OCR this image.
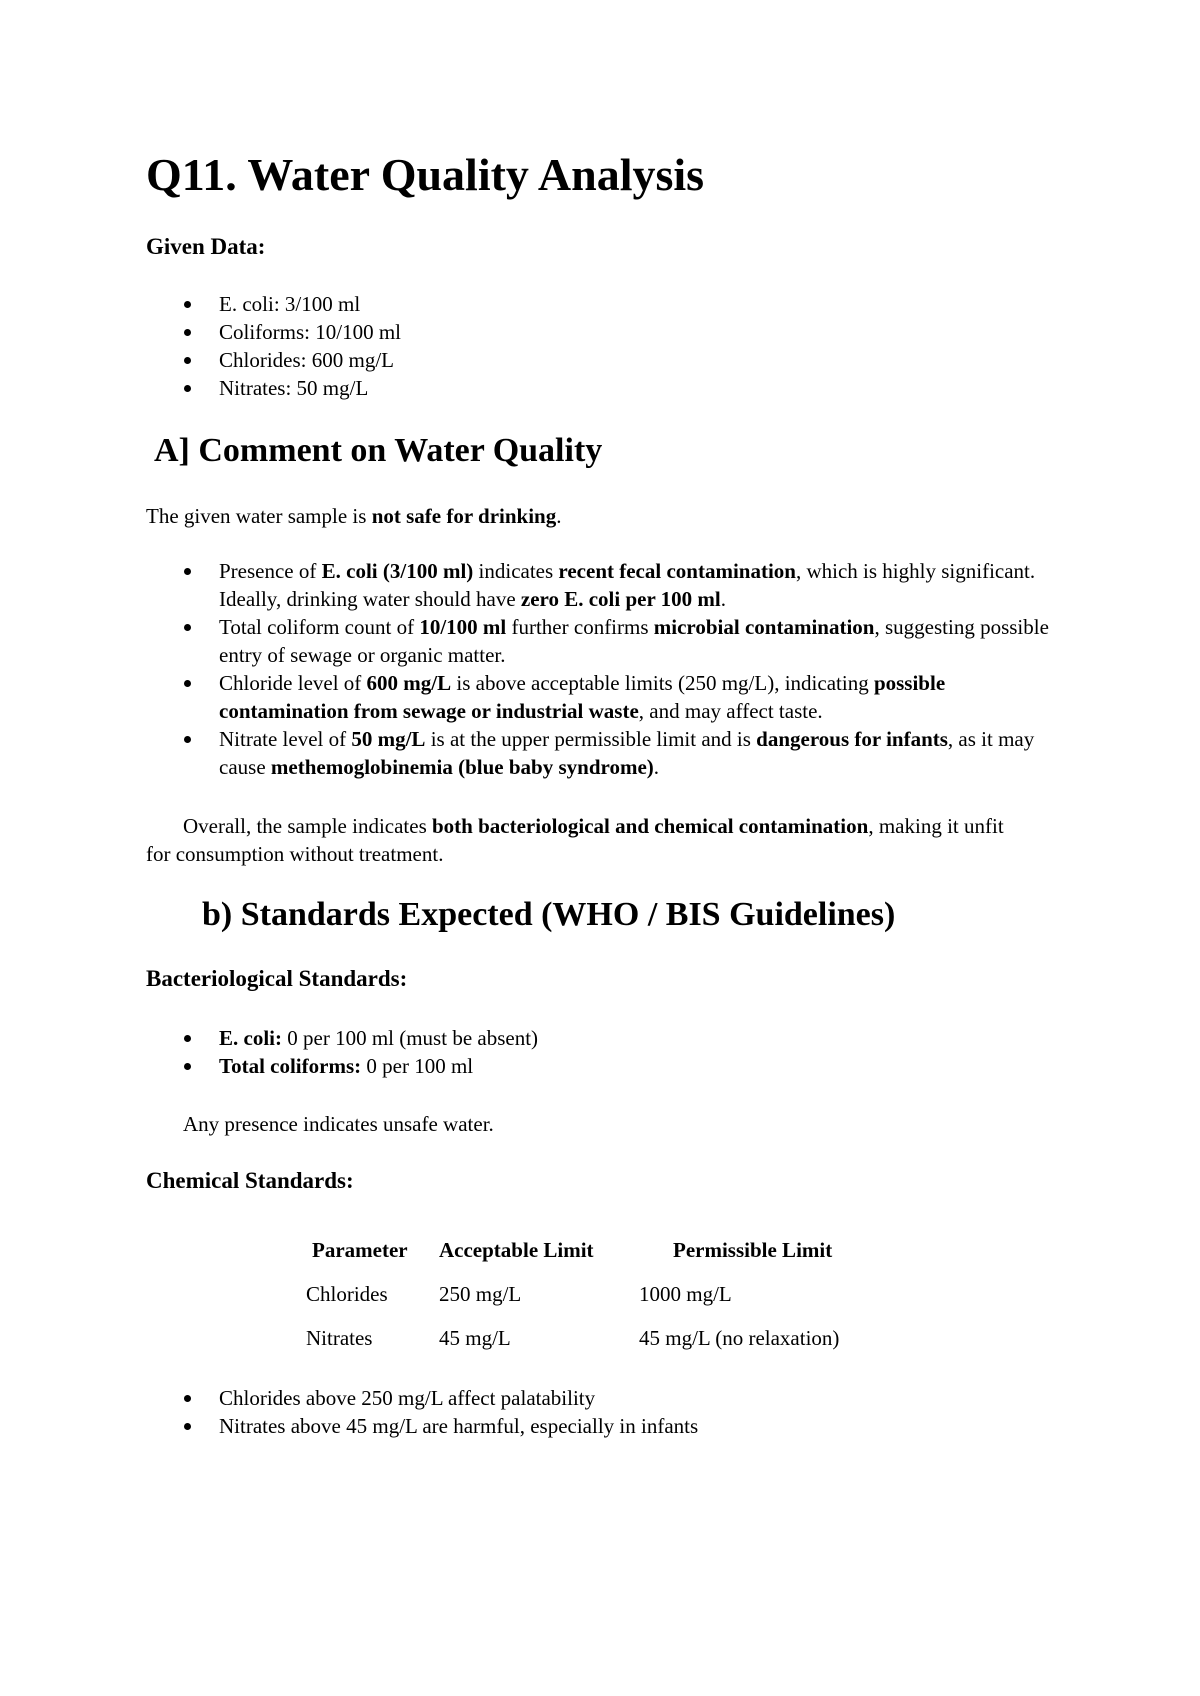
Q11. Water Quality Analysis
Given Data:
E. coli: 3/100 ml
Coliforms: 10/100 ml
Chlorides: 600 mg/L
Nitrates: 50 mg/L
A] Comment on Water Quality

The given water sample is not safe for drinking.

Presence of E. coli (3/100 ml) indicates recent fecal contamination, which is highly significant. Ideally, drinking water should have zero E. coli per 100 ml.
Total coliform count of 10/100 ml further confirms microbial contamination, suggesting possible entry of sewage or organic matter.
Chloride level of 600 mg/L is above acceptable limits (250 mg/L), indicating possible contamination from sewage or industrial waste, and may affect taste.
Nitrate level of 50 mg/L is at the upper permissible limit and is dangerous for infants, as it may cause methemoglobinemia (blue baby syndrome).

Overall, the sample indicates both bacteriological and chemical contamination, making it unfit for consumption without treatment.

b) Standards Expected (WHO / BIS Guidelines)
Bacteriological Standards:
E. coli: 0 per 100 ml (must be absent)
Total coliforms: 0 per 100 ml

Any presence indicates unsafe water.

Chemical Standards:
Parameter	Acceptable Limit	Permissible Limit
Chlorides	250 mg/L	1000 mg/L
Nitrates	45 mg/L	45 mg/L (no relaxation)
Chlorides above 250 mg/L affect palatability
Nitrates above 45 mg/L are harmful, especially in infants
